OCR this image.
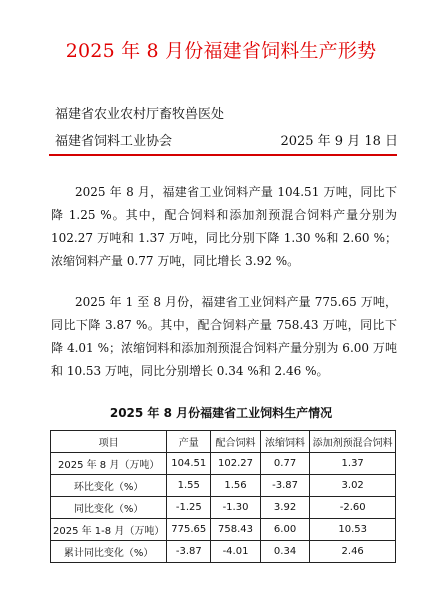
2025 年 8 月份福建省饲料生产形势
福建省农业农村厅畜牧兽医处
福建省饲料工业协会	2025 年 9 月 18 日

2025 年 8 月，福建省工业饲料产量 104.51 万吨，同比下降 1.25 %。其中，配合饲料和添加剂预混合饲料产量分别为 102.27 万吨和 1.37 万吨，同比分别下降 1.30 %和 2.60 %；浓缩饲料产量 0.77 万吨，同比增长 3.92 %。

2025 年 1 至 8 月份，福建省工业饲料产量 775.65 万吨，同比下降 3.87 %。其中，配合饲料产量 758.43 万吨，同比下降 4.01 %；浓缩饲料和添加剂预混合饲料产量分别为 6.00 万吨和 10.53 万吨，同比分别增长 0.34 %和 2.46 %。

2025 年 8 月份福建省工业饲料生产情况
项目	产量	配合饲料	浓缩饲料	添加剂预混合饲料
2025 年 8 月（万吨）	104.51	102.27	0.77	1.37
环比变化（%）	1.55	1.56	-3.87	3.02
同比变化（%）	-1.25	-1.30	3.92	-2.60
2025 年 1-8 月（万吨）	775.65	758.43	6.00	10.53
累计同比变化（%）	-3.87	-4.01	0.34	2.46
